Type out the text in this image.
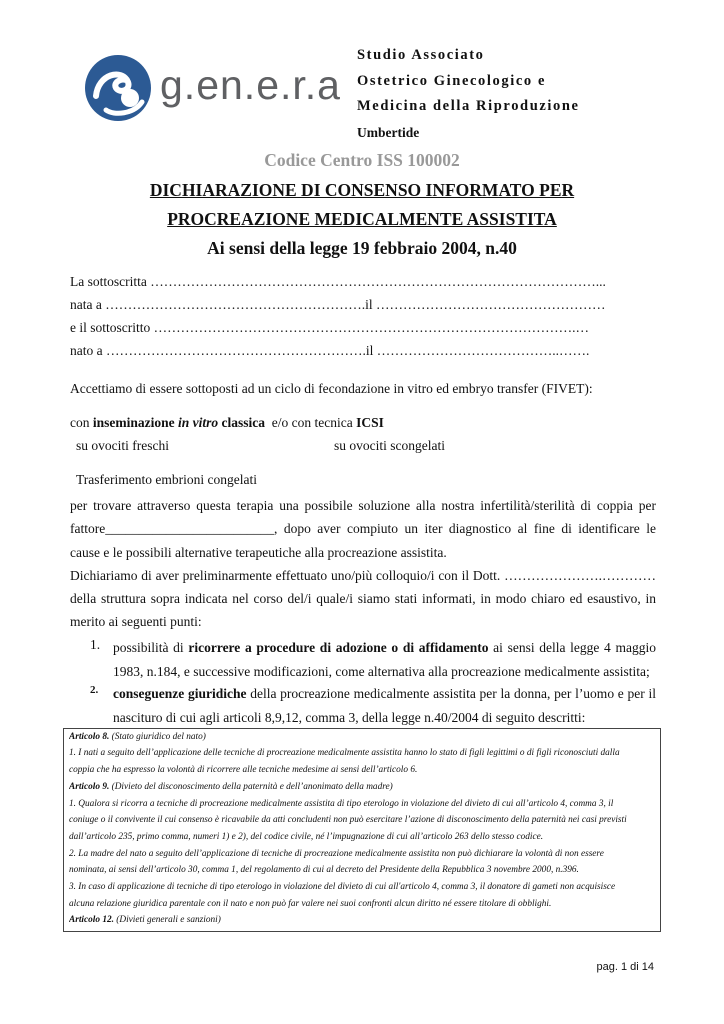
g.en.e.r.a
Studio Associato
Ostetrico Ginecologico e
Medicina della Riproduzione
Umbertide
Codice Centro ISS 100002
DICHIARAZIONE DI CONSENSO INFORMATO PER
PROCREAZIONE MEDICALMENTE ASSISTITA
Ai sensi della legge 19 febbraio 2004, n.40
La sottoscritta ………………………………………………………………………………………...
nata a ………………………………………………….il ……………………………………………
e il sottoscritto ………………………………………………………………………………….…
nato a ………………………………………………….il …………………………………..…….
Accettiamo di essere sottoposti ad un ciclo di fecondazione in vitro ed embryo transfer (FIVET):
con inseminazione in vitro classica  e/o con tecnica ICSI
su ovociti freschi	su ovociti scongelati
Trasferimento embrioni congelati
per trovare attraverso questa terapia una possibile soluzione alla nostra infertilità/sterilità di coppia per
fattore_________________________, dopo aver compiuto un iter diagnostico al fine di identificare le
cause e le possibili alternative terapeutiche alla procreazione assistita.
Dichiariamo di aver preliminarmente effettuato uno/più colloquio/i con il Dott. ………………….…………
della struttura sopra indicata nel corso del/i quale/i siamo stati informati, in modo chiaro ed esaustivo, in
merito ai seguenti punti:
1. possibilità di ricorrere a procedure di adozione o di affidamento ai sensi della legge 4 maggio 1983, n.184, e successive modificazioni, come alternativa alla procreazione medicalmente assistita;
2. conseguenze giuridiche della procreazione medicalmente assistita per la donna, per l’uomo e per il nascituro di cui agli articoli 8,9,12, comma 3, della legge n.40/2004 di seguito descritti:
Articolo 8. (Stato giuridico del nato)
1. I nati a seguito dell’applicazione delle tecniche di procreazione medicalmente assistita hanno lo stato di figli legittimi o di figli riconosciuti dalla
coppia che ha espresso la volontà di ricorrere alle tecniche medesime ai sensi dell’articolo 6.
Articolo 9. (Divieto del disconoscimento della paternità e dell’anonimato della madre)
1. Qualora si ricorra a tecniche di procreazione medicalmente assistita di tipo eterologo in violazione del divieto di cui all’articolo 4, comma 3, il
coniuge o il convivente il cui consenso è ricavabile da atti concludenti non può esercitare l’azione di disconoscimento della paternità nei casi previsti
dall’articolo 235, primo comma, numeri 1) e 2), del codice civile, né l’impugnazione di cui all’articolo 263 dello stesso codice.
2. La madre del nato a seguito dell’applicazione di tecniche di procreazione medicalmente assistita non può dichiarare la volontà di non essere
nominata, ai sensi dell’articolo 30, comma 1, del regolamento di cui al decreto del Presidente della Repubblica 3 novembre 2000, n.396.
3. In caso di applicazione di tecniche di tipo eterologo in violazione del divieto di cui all'articolo 4, comma 3, il donatore di gameti non acquisisce
alcuna relazione giuridica parentale con il nato e non può far valere nei suoi confronti alcun diritto né essere titolare di obblighi.
Articolo 12. (Divieti generali e sanzioni)
pag. 1 di 14
